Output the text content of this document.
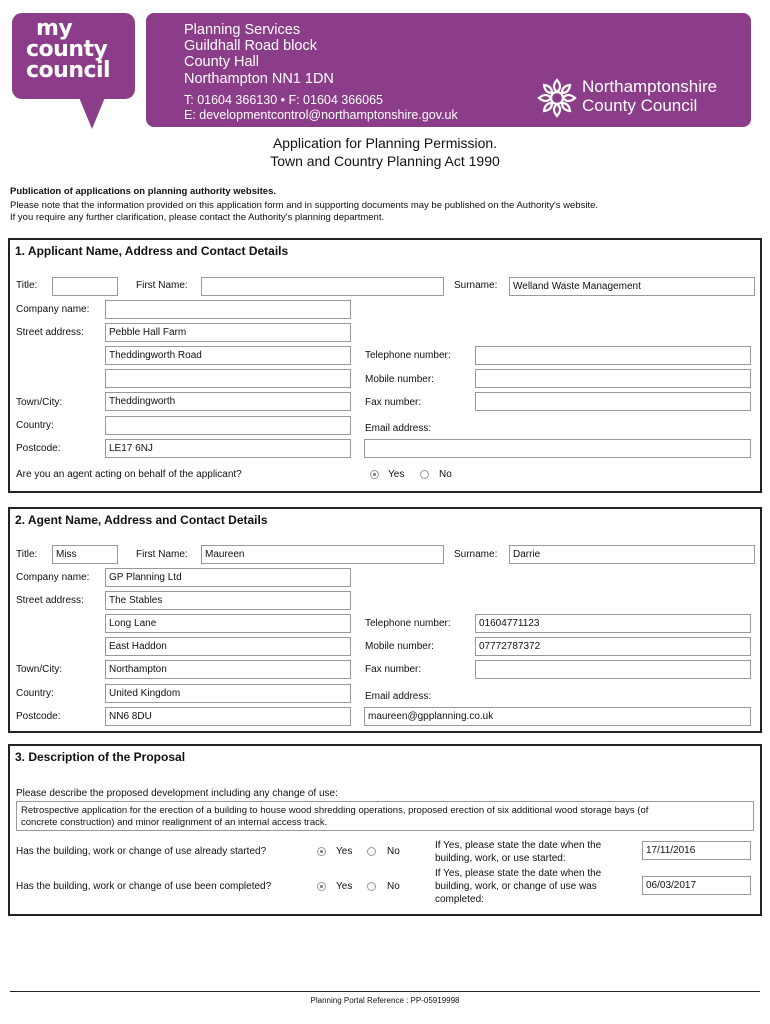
my
county
council
Planning Services
Guildhall Road block
County Hall
Northampton NN1 1DN
T: 01604 366130 • F: 01604 366065
E: developmentcontrol@northamptonshire.gov.uk
Northamptonshire
County Council
Application for Planning Permission.
Town and Country Planning Act 1990
Publication of applications on planning authority websites.
Please note that the information provided on this application form and in supporting documents may be published on the Authority's website.
If you require any further clarification, please contact the Authority's planning department.
1. Applicant Name, Address and Contact Details
Title:	First Name:	Surname:	Welland Waste Management
Company name:
Street address:	Pebble Hall Farm
Theddingworth Road	Telephone number:
Mobile number:
Town/City:	Theddingworth	Fax number:
Country:	Email address:
Postcode:	LE17 6NJ
Are you an agent acting on behalf of the applicant?	Yes	No
2. Agent Name, Address and Contact Details
Title:	Miss	First Name:	Maureen	Surname:	Darrie
Company name:	GP Planning Ltd
Street address:	The Stables
Long Lane	Telephone number:	01604771123
East Haddon	Mobile number:	07772787372
Town/City:	Northampton	Fax number:
Country:	United Kingdom	Email address:
Postcode:	NN6 8DU	maureen@gpplanning.co.uk
3. Description of the Proposal
Please describe the proposed development including any change of use:
Retrospective application for the erection of a building to house wood shredding operations, proposed erection of six additional wood storage bays (of
concrete construction) and minor realignment of an internal access track.
Has the building, work or change of use already started?	Yes	No
If Yes, please state the date when the
building, work, or use started:
17/11/2016
Has the building, work or change of use been completed?	Yes	No
If Yes, please state the date when the
building, work, or change of use was
completed:
06/03/2017
Planning Portal Reference : PP-05919998
